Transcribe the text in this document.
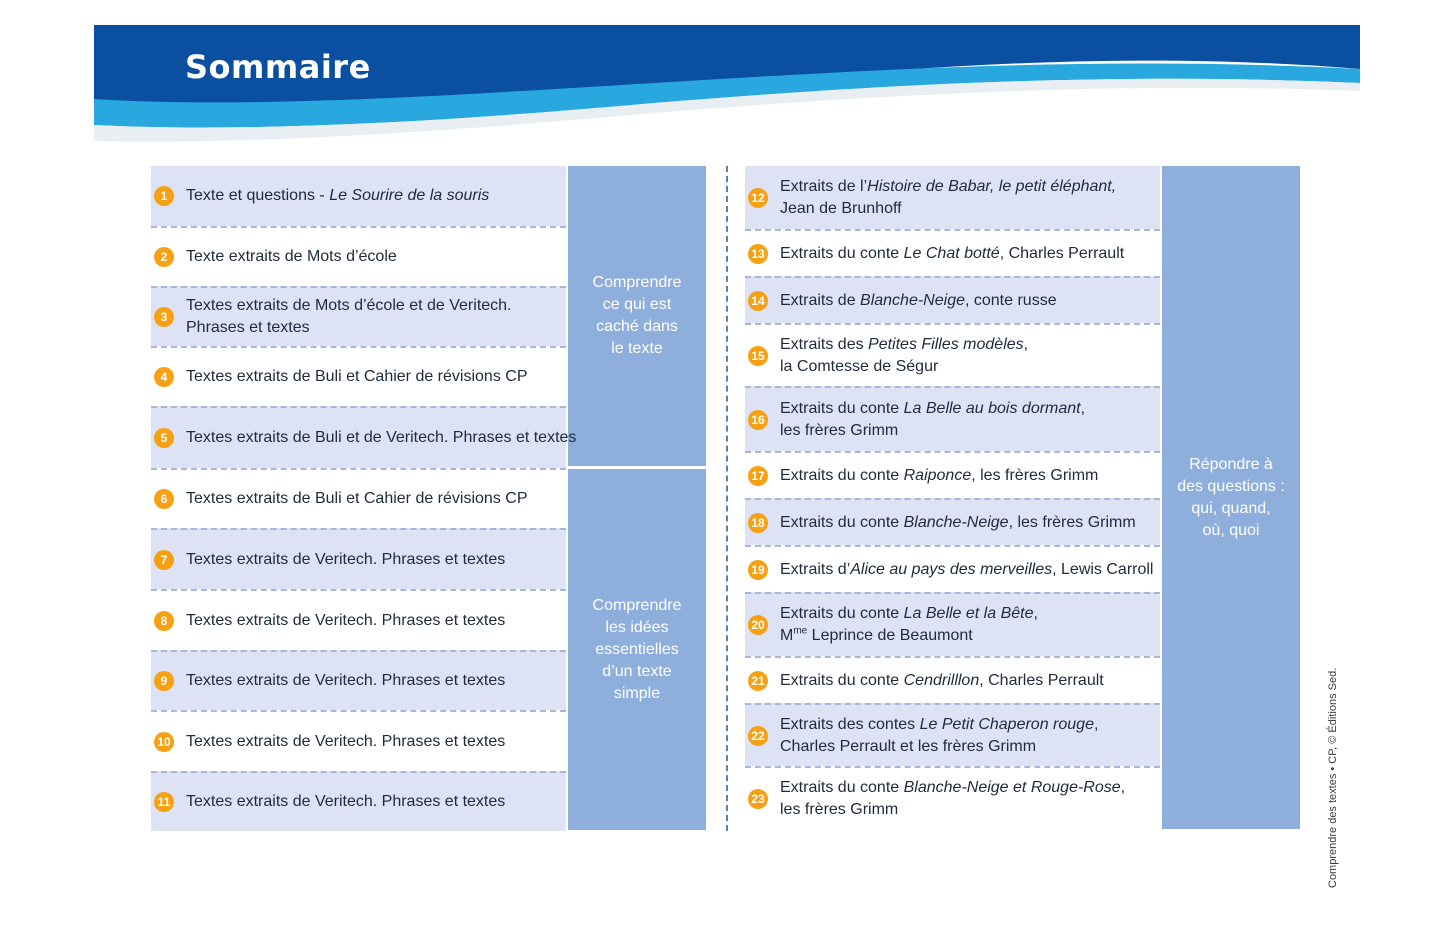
Sommaire
Comprendre
ce qui est
caché dans
le texte
Comprendre
les idées
essentielles
d’un texte
simple
Répondre à
des questions :
qui, quand,
où, quoi
Comprendre des textes • CP, © Éditions Sed.
1	Texte et questions - Le Sourire de la souris
2	Texte extraits de Mots d’école
3
Textes extraits de Mots d’école et de Veritech.
Phrases et textes
4	Textes extraits de Buli et Cahier de révisions CP
5	Textes extraits de Buli et de Veritech. Phrases et textes
6	Textes extraits de Buli et Cahier de révisions CP
7	Textes extraits de Veritech. Phrases et textes
8	Textes extraits de Veritech. Phrases et textes
9	Textes extraits de Veritech. Phrases et textes
10 Textes extraits de Veritech. Phrases et textes
11 Textes extraits de Veritech. Phrases et textes
12
Extraits de l’Histoire de Babar, le petit éléphant,
Jean de Brunhoff
13 Extraits du conte Le Chat botté, Charles Perrault
14 Extraits de Blanche-Neige, conte russe
15
Extraits des Petites Filles modèles,
la Comtesse de Ségur
16
Extraits du conte La Belle au bois dormant,
les frères Grimm
17 Extraits du conte Raiponce, les frères Grimm
18 Extraits du conte Blanche-Neige, les frères Grimm
19 Extraits d’Alice au pays des merveilles, Lewis Carroll
20
Extraits du conte La Belle et la Bête,
$M^{me}$ Leprince de Beaumont
21 Extraits du conte Cendrilllon, Charles Perrault
22
Extraits des contes Le Petit Chaperon rouge,
Charles Perrault et les frères Grimm
23
Extraits du conte Blanche-Neige et Rouge-Rose,
les frères Grimm
